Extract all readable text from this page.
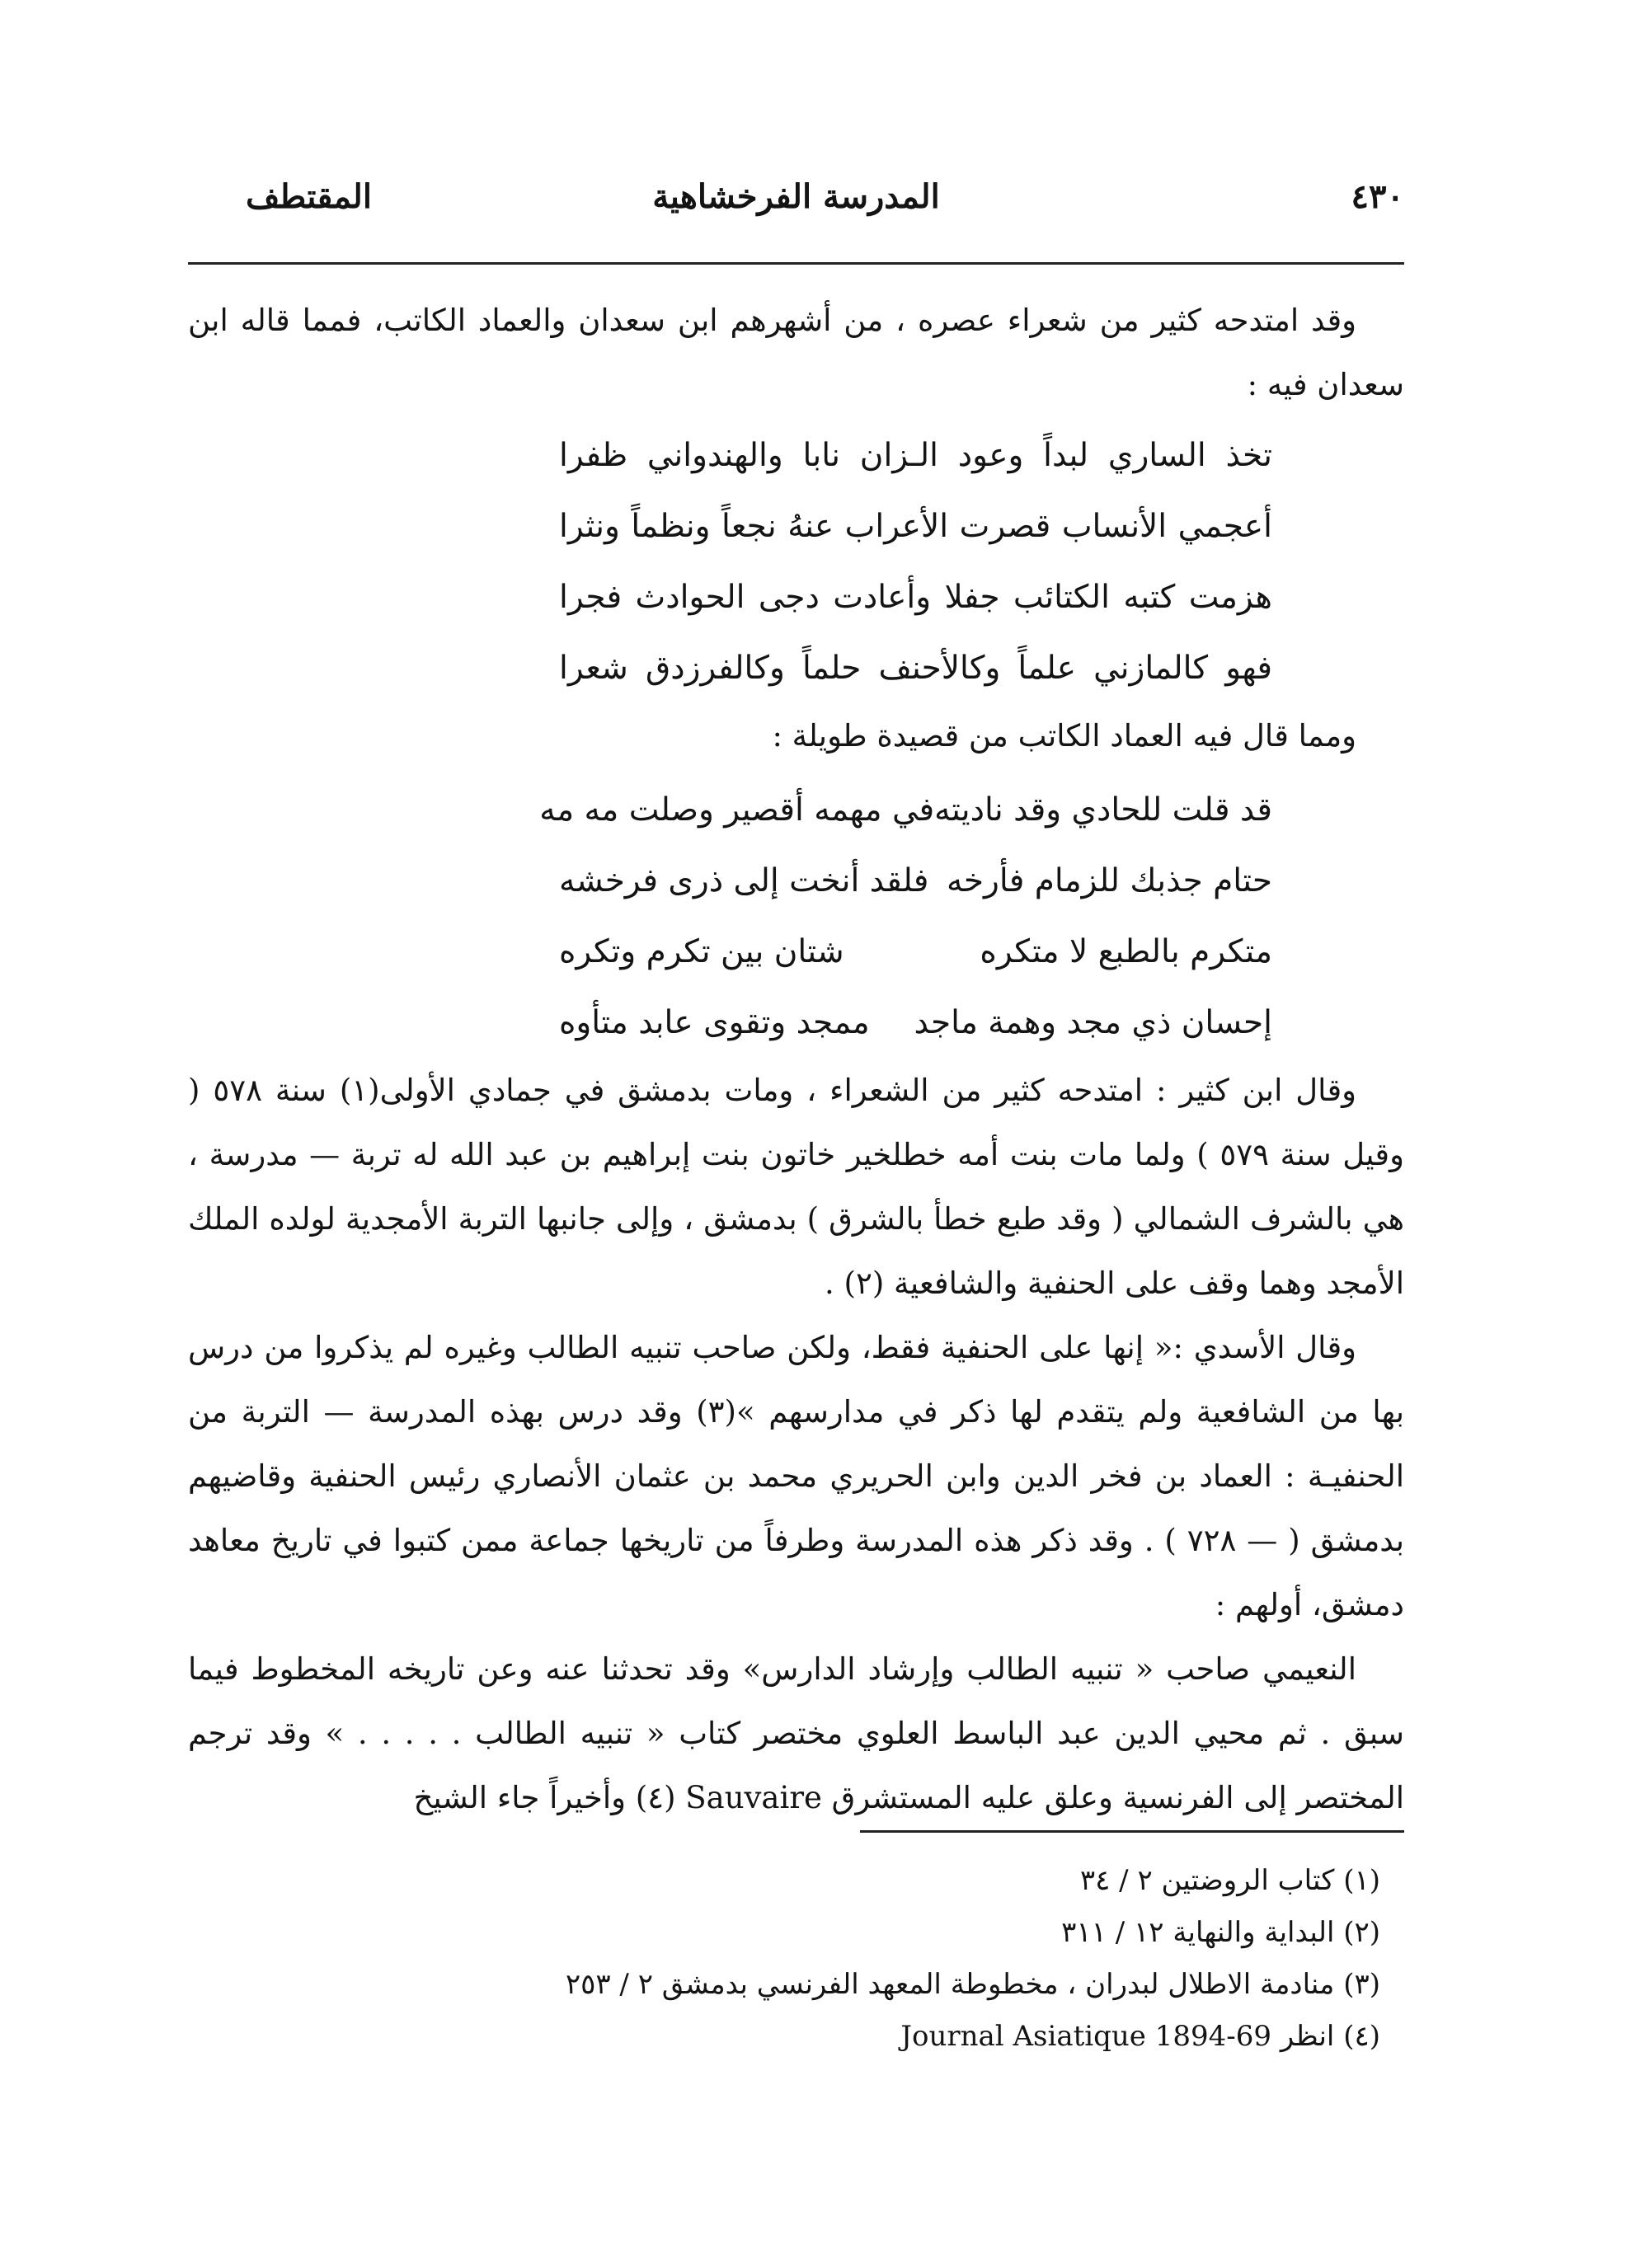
٤٣٠
المدرسة الفرخشاهية
المقتطف

وقد امتدحه كثير من شعراء عصره ، من أشهرهم ابن سعدان والعماد الكاتب، فمما قاله ابن سعدان فيه :

تخذ الساري لبداً وعود الـزان نابا والهندواني ظفرا
أعجمي الأنساب قصرت الأعراب عنهُ نجعاً ونظماً ونثرا
هزمت كتبه الكتائب جفلا وأعادت دجى الحوادث فجرا
فهو كالمازني علماً وكالأحنف حلماً وكالفرزدق شعرا

ومما قال فيه العماد الكاتب من قصيدة طويلة :

قد قلت للحادي وقد ناديته
في مهمه أقصير وصلت مه مه
حتام جذبك للزمام فأرخه
فلقد أنخت إلى ذرى فرخشه
متكرم بالطبع لا متكره
شتان بين تكرم وتكره
إحسان ذي مجد وهمة ماجد
ممجد وتقوى عابد متأوه

وقال ابن كثير : امتدحه كثير من الشعراء ، ومات بدمشق في جمادي الأولى(١) سنة ٥٧٨ ( وقيل سنة ٥٧٩ ) ولما مات بنت أمه خطلخير خاتون بنت إبراهيم بن عبد الله له تربة — مدرسة ، هي بالشرف الشمالي ( وقد طبع خطأ بالشرق ) بدمشق ، وإلى جانبها التربة الأمجدية لولده الملك الأمجد وهما وقف على الحنفية والشافعية (٢) .

وقال الأسدي :« إنها على الحنفية فقط، ولكن صاحب تنبيه الطالب وغيره لم يذكروا من درس بها من الشافعية ولم يتقدم لها ذكر في مدارسهم »(٣) وقد درس بهذه المدرسة — التربة من الحنفيـة : العماد بن فخر الدين وابن الحريري محمد بن عثمان الأنصاري رئيس الحنفية وقاضيهم بدمشق ( — ٧٢٨ ) . وقد ذكر هذه المدرسة وطرفاً من تاريخها جماعة ممن كتبوا في تاريخ معاهد دمشق، أولهم :

النعيمي صاحب « تنبيه الطالب وإرشاد الدارس» وقد تحدثنا عنه وعن تاريخه المخطوط فيما سبق . ثم محيي الدين عبد الباسط العلوي مختصر كتاب « تنبيه الطالب . . . . . » وقد ترجم المختصر إلى الفرنسية وعلق عليه المستشرق Sauvaire (٤) وأخيراً جاء الشيخ

(١) كتاب الروضتين ٢ / ٣٤
(٢) البداية والنهاية ١٢ / ٣١١
(٣) منادمة الاطلال لبدران ، مخطوطة المعهد الفرنسي بدمشق ٢ / ٢٥٣
(٤) انظر Journal Asiatique 1894-69
